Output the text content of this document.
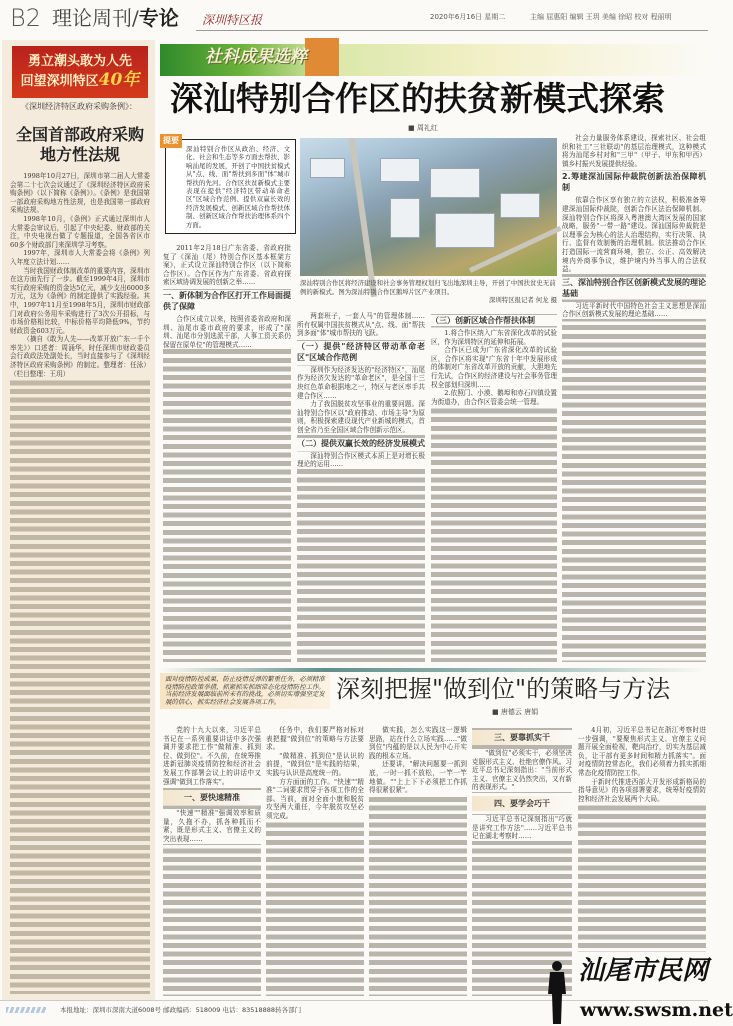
B2 理论周刊/专论 深圳特区报	2020年6月16日 星期二	主编 屈惠阳 编辑 王玥 美编 徐昭 校对 程丽明
勇立潮头敢为人先
回望深圳特区40年
《深圳经济特区政府采购条例》：
全国首部政府采购地方性法规

1998年10月27日，深圳市第二届人大常委会第二十七次会议通过了《深圳经济特区政府采购条例》（以下简称《条例》）。《条例》是我国第一部政府采购地方性法规，也是我国第一部政府采购法规。

1998年10月，《条例》正式通过深圳市人大常委会审议后，引起了中央纪委、财政部的关注，中央电视台做了专题报道，全国各省区市60多个财政部门来深圳学习考察。

1997年，深圳市人大常委会将《条例》列入年度立法计划……

当时我国财政体制改革的重要内容，深圳市在这方面先行了一步。截至1999年4月，深圳市实行政府采购的资金达5亿元，减少支出6000多万元，这为《条例》的制定提供了实践经验。其中，1997年11月至1998年5月，深圳市财政部门对政府公务用车采购进行了3次公开招标，与市场价格相比较，中标价格平均降低9%，节约财政资金603万元。

（摘自《敢为人先——改革开放广东一千个率先》）口述者：周涌华，时任深圳市财政委员会行政政法处副处长，当时直接参与了《深圳经济特区政府采购条例》的制定。整理者：任泳）（栏目整理：王玥）

社科成果选粹
深汕特别合作区的扶贫新模式探索
■ 周礼红
深汕特别合作区从政治、经济、文化、社会和生态等多方面去帮扶、影响汕尾的发展，开创了中国扶贫模式从"点、线、面"帮扶到多面"体"城市帮扶的先河。合作区扶贫新模式主要表现在提供"经济特区带动革命老区"区域合作范例、提供双赢长效的经济发展模式、创新区域合作帮扶体制、创新区域合作帮扶治理体系四个方面。
提要
深汕特别合作区将经济建设和社会事务管理权划归飞出地深圳主导，开创了中国扶贫史无前例的新模式。图为深汕特别合作区鹅埠片区产业项目。
深圳特区报记者 何龙 摄

2011年2月18日广东省委、省政府批复了《深汕（尾）特别合作区基本框架方案》，正式设立深汕特别合作区（以下简称合作区）。合作区作为广东省委、省政府探索区域协调发展的创新之举……

一、新体制为合作区打开工作局面提供了保障

合作区成立以来，按照省委省政府和深圳、汕尾市委市政府的要求，形成了"深圳、汕尾市分别选派干部，人事工资关系仍保留在原单位"的管理模式……

两套班子，一套人马"的管理体制……所有权属中国扶贫模式从"点、线、面"帮扶到多面"体"城市帮扶的飞跃。

（一）提供"经济特区带动革命老区"区域合作范例

深圳作为经济发达的"经济特区"，汕尾作为经济欠发达的"革命老区"，是全国十三块红色革命根据地之一，特区与老区率手共建合作区……

力了我国脱贫攻坚事业的重要问题。深汕特别合作区以"政府推动、市场主导"为原则，积极探索建设现代产业新城的模式，首创全省乃至全国区域合作创新示范区。

（二）提供双赢长效的经济发展模式

深汕特别合作区模式本质上是对增长极理论的运用……

（三）创新区域合作帮扶体制

1.将合作区纳入广东省深化改革的试验区，作为深圳特区的延伸和拓展。

合作区已成为广东省深化改革的试验区，合作区将实现"广东省十年中发展形成的体制对广东省改革开放的贡献，大胆地先行先试，合作区的经济建设与社会事务管理权全部划归深圳……

2.依照门、小漠、鹅埠和赤石四镇设置为街道办，由合作区管委会统一管理。

社会力量服务体系建设，探索社区、社会组织和社工"三社联动"的基层治理模式，这种模式将为汕尾乡村对和"三甲"（甲子、甲东和甲西）镇乡村振兴发展提供经验。

2.筹建深汕国际仲裁院创新法治保障机制

依靠合作区享有独立的立法权，积极准备筹建深汕国际仲裁院，创新合作区法治保障机制。深汕特别合作区将深入粤港澳大湾区发展的国家战略，服务"一带一路"建设。深汕国际仲裁院是以理事会为核心的法人治理结构，实行决策、执行、监督有效制衡的治理机制。依法推动合作区打造国际一流营商环境，独立、公正、高效解决境内外商事争议，维护境内外当事人的合法权益。

三、深汕特别合作区创新模式发展的理论基础

习近平新时代中国特色社会主义思想是深汕合作区创新模式发展的理论基础……

面对疫情防控成果，防止疫情反弹的繁重任务，必须精准疫情防控政策举措，抓紧抓实抓细常态化疫情防控工作。当前经济发展面临前所未有的挑战，必须切实增强坚定发展的信心，抓实经济社会发展各项工作。	深刻把握"做到位"的策略与方法
■ 唐德云 唐娟

党的十九大以来，习近平总书记在一系列重要讲话中多次强调并要求把工作"做精准、抓到位、做到位"。不久前，在统筹推进新冠肺炎疫情防控和经济社会发展工作部署会议上的讲话中又强调"做到工作落实"。

一、要快速精准

"快速""精准"强调效率和质量，久拖不办，抓各种抓而不紧，既是形式主义、官僚主义的突出表现……

任务中，我们要严格对标对表把握"做到位"的策略与方法要求。

"做精准、抓到位"是认识的前提，"做到位"是实践的结果，实践与认识是高度统一的。

方方面面的工作。"快速""精准"二词要求贯穿于各项工作的全部。当前，面对全面小康和脱贫攻坚两大重任，今年脱贫攻坚必须完成。

做实践，怎么实践这一逻辑思路，站在什么立场实践……"做到位"内蕴的是以人民为中心开实践的根本立场。

还要讲，"解决问题要一抓到底，一时一抓不放松，一竿一竿地做。""上上下下必须把工作抓得很紧很紧"。

三、要靠抓实干

"做到位"必须实干，必须坚决克服形式主义、杜绝官僚作风。习近平总书记深刻指出："当前形式主义、官僚主义仍然突出，又有新的表现形式。"

四、要学会巧干

习近平总书记深刻指出"巧就是讲究工作方法"……习近平总书记在湖北考察时……

4月初，习近平总书记在浙江考察时进一步强调，"要聚焦形式主义、官僚主义问题开展全面检视，靶向治疗，切实为基层减负，让干部有更多时间和精力抓落实"。面对疫情防控常态化，我们必须着力抓实抓细常态化疫情防控工作。

于新时代推进西部大开发形成新格局的指导意见》的各项部署要求，统筹好疫情防控和经济社会发展两个大局。

本报地址：深圳市深南大道6008号 邮政编码：518009 电话：83518888转各部门
汕尾市民网
www.swsm.net
